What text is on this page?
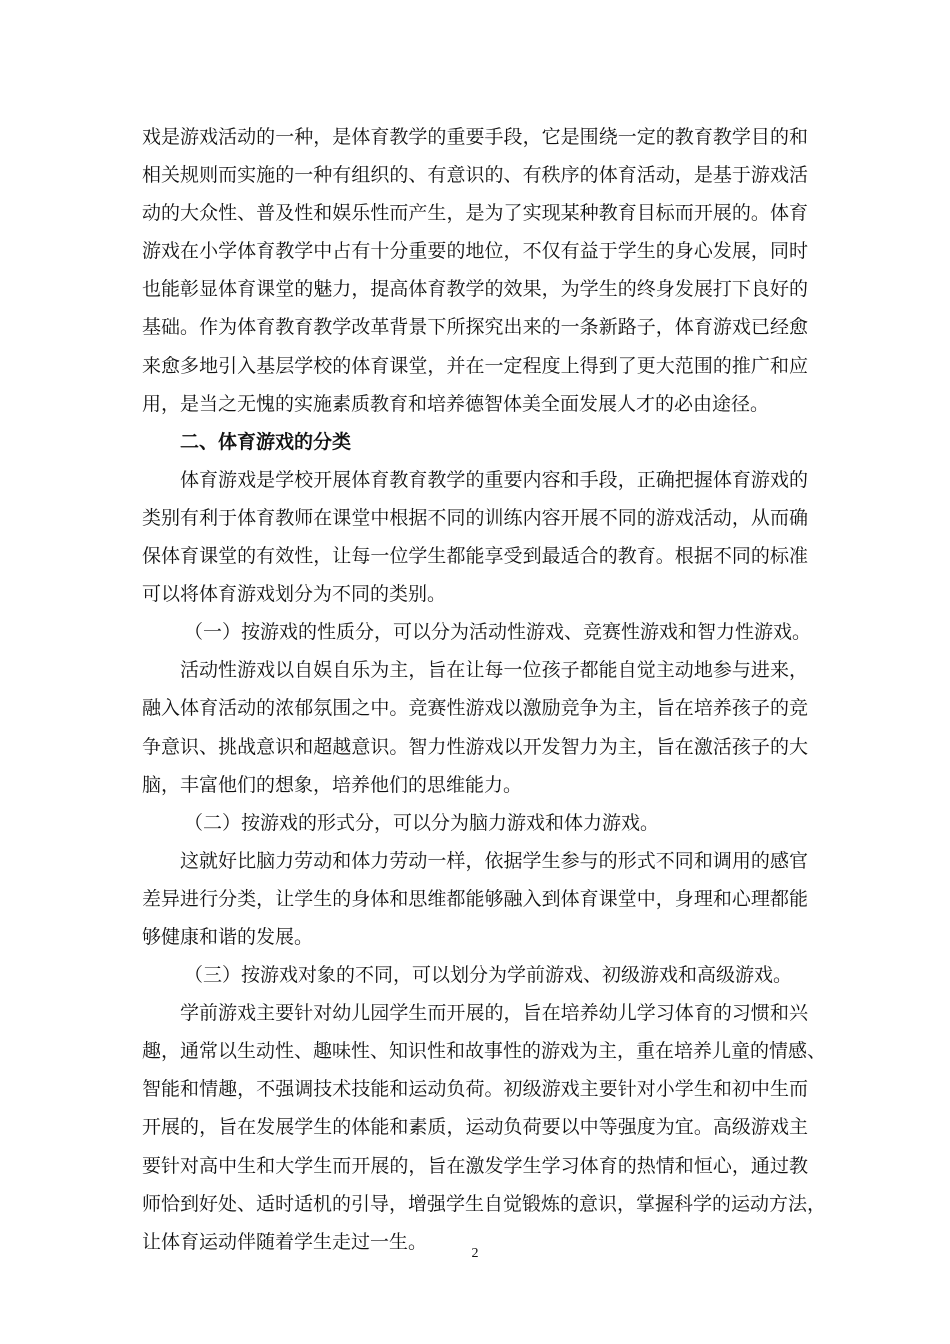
戏是游戏活动的一种，是体育教学的重要手段，它是围绕一定的教育教学目的和
相关规则而实施的一种有组织的、有意识的、有秩序的体育活动，是基于游戏活
动的大众性、普及性和娱乐性而产生，是为了实现某种教育目标而开展的。体育
游戏在小学体育教学中占有十分重要的地位，不仅有益于学生的身心发展，同时
也能彰显体育课堂的魅力，提高体育教学的效果，为学生的终身发展打下良好的
基础。作为体育教育教学改革背景下所探究出来的一条新路子，体育游戏已经愈
来愈多地引入基层学校的体育课堂，并在一定程度上得到了更大范围的推广和应
用，是当之无愧的实施素质教育和培养德智体美全面发展人才的必由途径。
二、体育游戏的分类
体育游戏是学校开展体育教育教学的重要内容和手段，正确把握体育游戏的
类别有利于体育教师在课堂中根据不同的训练内容开展不同的游戏活动，从而确
保体育课堂的有效性，让每一位学生都能享受到最适合的教育。根据不同的标准
可以将体育游戏划分为不同的类别。
（一）按游戏的性质分，可以分为活动性游戏、竞赛性游戏和智力性游戏。
活动性游戏以自娱自乐为主，旨在让每一位孩子都能自觉主动地参与进来，
融入体育活动的浓郁氛围之中。竞赛性游戏以激励竞争为主，旨在培养孩子的竞
争意识、挑战意识和超越意识。智力性游戏以开发智力为主，旨在激活孩子的大
脑，丰富他们的想象，培养他们的思维能力。
（二）按游戏的形式分，可以分为脑力游戏和体力游戏。
这就好比脑力劳动和体力劳动一样，依据学生参与的形式不同和调用的感官
差异进行分类，让学生的身体和思维都能够融入到体育课堂中，身理和心理都能
够健康和谐的发展。
（三）按游戏对象的不同，可以划分为学前游戏、初级游戏和高级游戏。
学前游戏主要针对幼儿园学生而开展的，旨在培养幼儿学习体育的习惯和兴
趣，通常以生动性、趣味性、知识性和故事性的游戏为主，重在培养儿童的情感、
智能和情趣，不强调技术技能和运动负荷。初级游戏主要针对小学生和初中生而
开展的，旨在发展学生的体能和素质，运动负荷要以中等强度为宜。高级游戏主
要针对高中生和大学生而开展的，旨在激发学生学习体育的热情和恒心，通过教
师恰到好处、适时适机的引导，增强学生自觉锻炼的意识，掌握科学的运动方法，
让体育运动伴随着学生走过一生。
2
